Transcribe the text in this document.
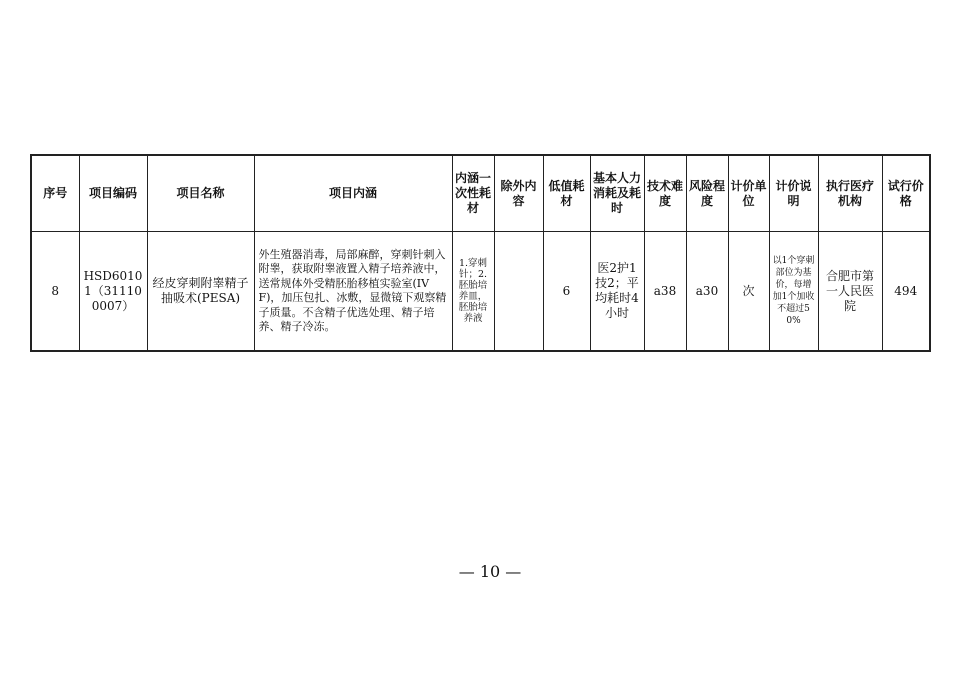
序号	项目编码	项目名称	项目内涵	内涵一次性耗材	除外内容	低值耗材	基本人力消耗及耗时	技术难度	风险程度	计价单位	计价说明	执行医疗机构	试行价格
8	HSD60101（311100007）	经皮穿刺附睾精子抽吸术(PESA)	外生殖器消毒，局部麻醉，穿刺针刺入附睾，获取附睾液置入精子培养液中，送常规体外受精胚胎移植实验室(IVF)，加压包扎、冰敷，显微镜下观察精子质量。不含精子优选处理、精子培养、精子冷冻。	1.穿刺针；2.胚胎培养皿，胚胎培养液		6	医2护1技2；平均耗时4小时	a38	a30	次	以1个穿刺部位为基价，每增加1个加收不超过50%	合肥市第一人民医院	494
— 10 —
